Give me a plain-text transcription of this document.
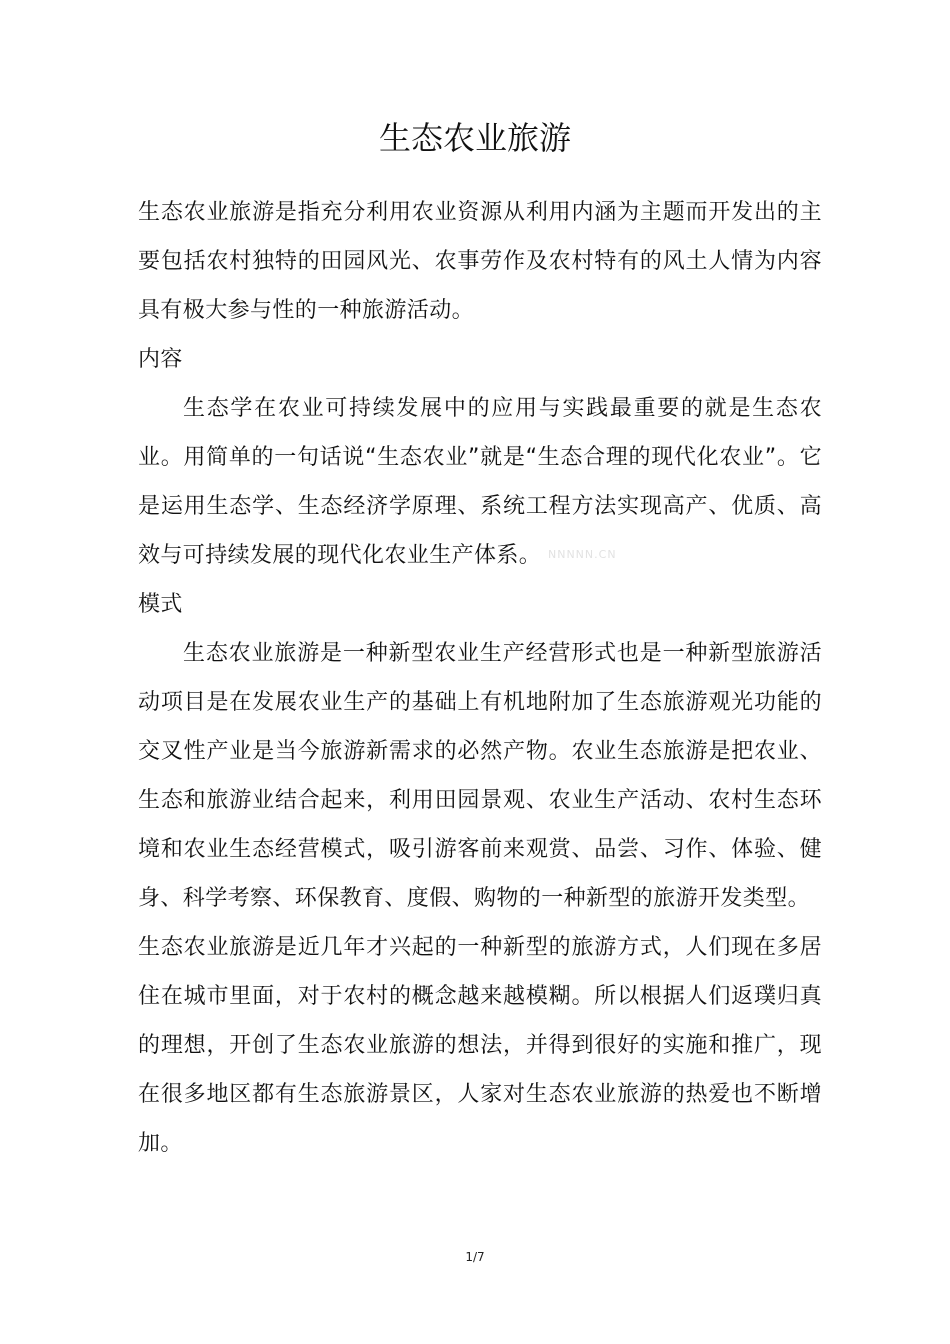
生态农业旅游

生态农业旅游是指充分利用农业资源从利用内涵为主题而开发出的主要包括农村独特的田园风光、农事劳作及农村特有的风土人情为内容具有极大参与性的一种旅游活动。

内容

生态学在农业可持续发展中的应用与实践最重要的就是生态农业。用简单的一句话说“生态农业”就是“生态合理的现代化农业”。它是运用生态学、生态经济学原理、系统工程方法实现高产、优质、高效与可持续发展的现代化农业生产体系。

模式

生态农业旅游是一种新型农业生产经营形式也是一种新型旅游活动项目是在发展农业生产的基础上有机地附加了生态旅游观光功能的交叉性产业是当今旅游新需求的必然产物。农业生态旅游是把农业、生态和旅游业结合起来，利用田园景观、农业生产活动、农村生态环境和农业生态经营模式，吸引游客前来观赏、品尝、习作、体验、健身、科学考察、环保教育、度假、购物的一种新型的旅游开发类型。

生态农业旅游是近几年才兴起的一种新型的旅游方式，人们现在多居住在城市里面，对于农村的概念越来越模糊。所以根据人们返璞归真的理想，开创了生态农业旅游的想法，并得到很好的实施和推广，现在很多地区都有生态旅游景区，人家对生态农业旅游的热爱也不断增加。

NNNNN.CN
1/7
